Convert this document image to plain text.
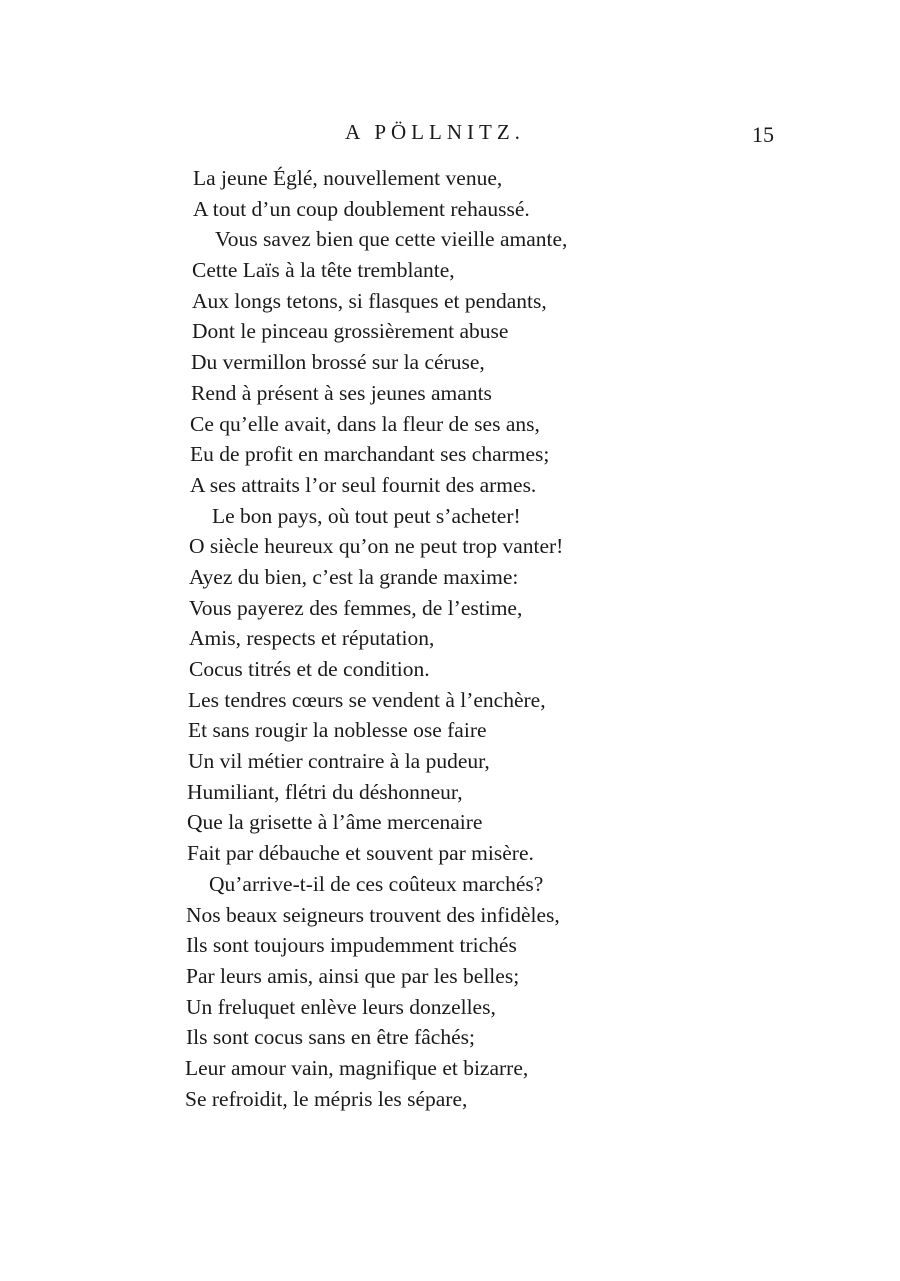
A PÖLLNITZ.	15
La jeune Églé, nouvellement venue,
A tout d’un coup doublement rehaussé.
Vous savez bien que cette vieille amante,
Cette Laïs à la tête tremblante,
Aux longs tetons, si flasques et pendants,
Dont le pinceau grossièrement abuse
Du vermillon brossé sur la céruse,
Rend à présent à ses jeunes amants
Ce qu’elle avait, dans la fleur de ses ans,
Eu de profit en marchandant ses charmes;
A ses attraits l’or seul fournit des armes.
Le bon pays, où tout peut s’acheter!
O siècle heureux qu’on ne peut trop vanter!
Ayez du bien, c’est la grande maxime:
Vous payerez des femmes, de l’estime,
Amis, respects et réputation,
Cocus titrés et de condition.
Les tendres cœurs se vendent à l’enchère,
Et sans rougir la noblesse ose faire
Un vil métier contraire à la pudeur,
Humiliant, flétri du déshonneur,
Que la grisette à l’âme mercenaire
Fait par débauche et souvent par misère.
Qu’arrive-t-il de ces coûteux marchés?
Nos beaux seigneurs trouvent des infidèles,
Ils sont toujours impudemment trichés
Par leurs amis, ainsi que par les belles;
Un freluquet enlève leurs donzelles,
Ils sont cocus sans en être fâchés;
Leur amour vain, magnifique et bizarre,
Se refroidit, le mépris les sépare,
